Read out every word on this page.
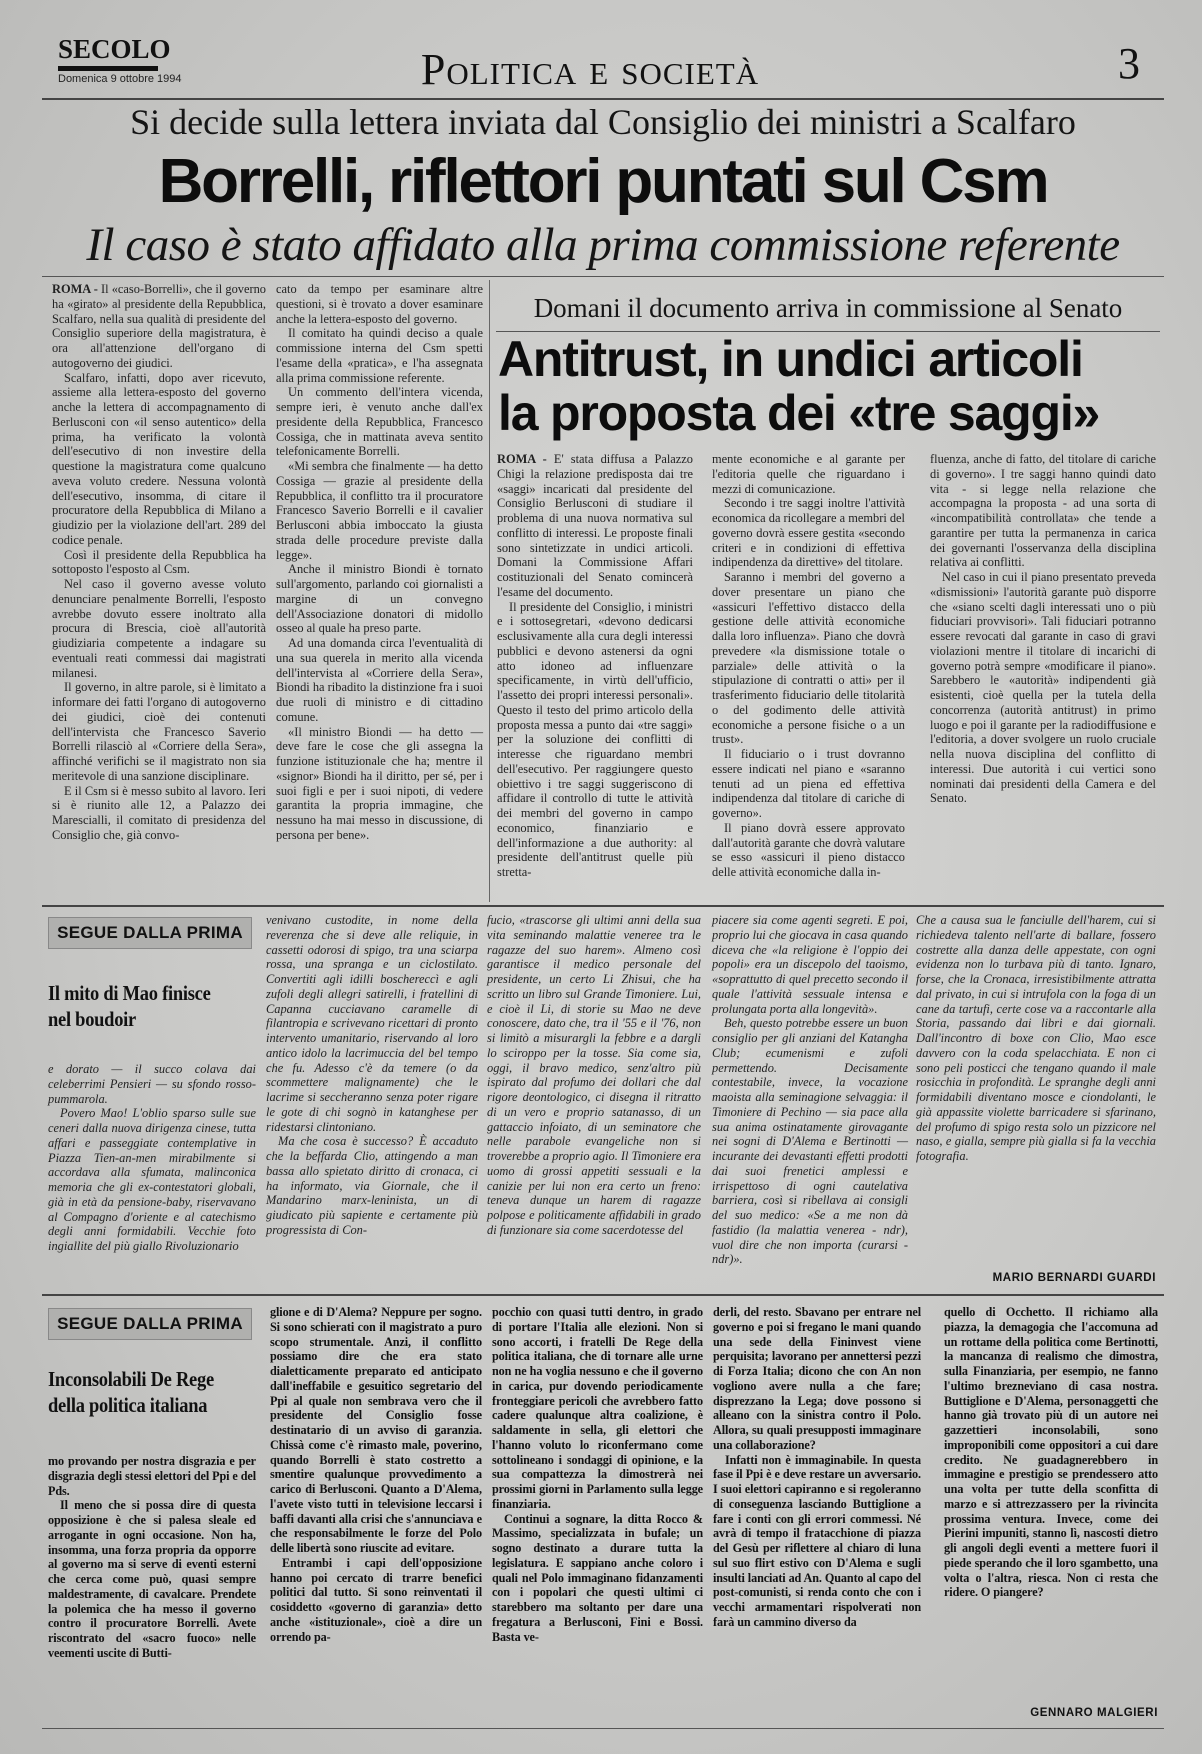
SECOLO
Domenica 9 ottobre 1994	Politica e società	3
Si decide sulla lettera inviata dal Consiglio dei ministri a Scalfaro
Borrelli, riflettori puntati sul Csm
Il caso è stato affidato alla prima commissione referente

ROMA - Il «caso-Borrelli», che il governo ha «girato» al presidente della Repubblica, Scalfaro, nella sua qualità di presidente del Consiglio superiore della magistratura, è ora all'attenzione dell'organo di autogoverno dei giudici.

Scalfaro, infatti, dopo aver ricevuto, assieme alla lettera-esposto del governo anche la lettera di accompagnamento di Berlusconi con «il senso autentico» della prima, ha verificato la volontà dell'esecutivo di non investire della questione la magistratura come qualcuno aveva voluto credere. Nessuna volontà dell'esecutivo, insomma, di citare il procuratore della Repubblica di Milano a giudizio per la violazione dell'art. 289 del codice penale.

Così il presidente della Repubblica ha sottoposto l'esposto al Csm.

Nel caso il governo avesse voluto denunciare penalmente Borrelli, l'esposto avrebbe dovuto essere inoltrato alla procura di Brescia, cioè all'autorità giudiziaria competente a indagare su eventuali reati commessi dai magistrati milanesi.

Il governo, in altre parole, si è limitato a informare dei fatti l'organo di autogoverno dei giudici, cioè dei contenuti dell'intervista che Francesco Saverio Borrelli rilasciò al «Corriere della Sera», affinché verifichi se il magistrato non sia meritevole di una sanzione disciplinare.

E il Csm si è messo subito al lavoro. Ieri si è riunito alle 12, a Palazzo dei Marescialli, il comitato di presidenza del Consiglio che, già convo-

cato da tempo per esaminare altre questioni, si è trovato a dover esaminare anche la lettera-esposto del governo.

Il comitato ha quindi deciso a quale commissione interna del Csm spetti l'esame della «pratica», e l'ha assegnata alla prima commissione referente.

Un commento dell'intera vicenda, sempre ieri, è venuto anche dall'ex presidente della Repubblica, Francesco Cossiga, che in mattinata aveva sentito telefonicamente Borrelli.

«Mi sembra che finalmente — ha detto Cossiga — grazie al presidente della Repubblica, il conflitto tra il procuratore Francesco Saverio Borrelli e il cavalier Berlusconi abbia imboccato la giusta strada delle procedure previste dalla legge».

Anche il ministro Biondi è tornato sull'argomento, parlando coi giornalisti a margine di un convegno dell'Associazione donatori di midollo osseo al quale ha preso parte.

Ad una domanda circa l'eventualità di una sua querela in merito alla vicenda dell'intervista al «Corriere della Sera», Biondi ha ribadito la distinzione fra i suoi due ruoli di ministro e di cittadino comune.

«Il ministro Biondi — ha detto — deve fare le cose che gli assegna la funzione istituzionale che ha; mentre il «signor» Biondi ha il diritto, per sé, per i suoi figli e per i suoi nipoti, di vedere garantita la propria immagine, che nessuno ha mai messo in discussione, di persona per bene».

Domani il documento arriva in commissione al Senato
Antitrust, in undici articoli
la proposta dei «tre saggi»

ROMA - E' stata diffusa a Palazzo Chigi la relazione predisposta dai tre «saggi» incaricati dal presidente del Consiglio Berlusconi di studiare il problema di una nuova normativa sul conflitto di interessi. Le proposte finali sono sintetizzate in undici articoli. Domani la Commissione Affari costituzionali del Senato comincerà l'esame del documento.

Il presidente del Consiglio, i ministri e i sottosegretari, «devono dedicarsi esclusivamente alla cura degli interessi pubblici e devono astenersi da ogni atto idoneo ad influenzare specificamente, in virtù dell'ufficio, l'assetto dei propri interessi personali». Questo il testo del primo articolo della proposta messa a punto dai «tre saggi» per la soluzione dei conflitti di interesse che riguardano membri dell'esecutivo. Per raggiungere questo obiettivo i tre saggi suggeriscono di affidare il controllo di tutte le attività dei membri del governo in campo economico, finanziario e dell'informazione a due authority: al presidente dell'antitrust quelle più stretta-

mente economiche e al garante per l'editoria quelle che riguardano i mezzi di comunicazione.

Secondo i tre saggi inoltre l'attività economica da ricollegare a membri del governo dovrà essere gestita «secondo criteri e in condizioni di effettiva indipendenza da direttive» del titolare.

Saranno i membri del governo a dover presentare un piano che «assicuri l'effettivo distacco della gestione delle attività economiche dalla loro influenza». Piano che dovrà prevedere «la dismissione totale o parziale» delle attività o la stipulazione di contratti o atti» per il trasferimento fiduciario delle titolarità o del godimento delle attività economiche a persone fisiche o a un trust».

Il fiduciario o i trust dovranno essere indicati nel piano e «saranno tenuti ad un piena ed effettiva indipendenza dal titolare di cariche di governo».

Il piano dovrà essere approvato dall'autorità garante che dovrà valutare se esso «assicuri il pieno distacco delle attività economiche dalla in-

fluenza, anche di fatto, del titolare di cariche di governo». I tre saggi hanno quindi dato vita - si legge nella relazione che accompagna la proposta - ad una sorta di «incompatibilità controllata» che tende a garantire per tutta la permanenza in carica dei governanti l'osservanza della disciplina relativa ai conflitti.

Nel caso in cui il piano presentato preveda «dismissioni» l'autorità garante può disporre che «siano scelti dagli interessati uno o più fiduciari provvisori». Tali fiduciari potranno essere revocati dal garante in caso di gravi violazioni mentre il titolare di incarichi di governo potrà sempre «modificare il piano». Sarebbero le «autorità» indipendenti già esistenti, cioè quella per la tutela della concorrenza (autorità antitrust) in primo luogo e poi il garante per la radiodiffusione e l'editoria, a dover svolgere un ruolo cruciale nella nuova disciplina del conflitto di interessi. Due autorità i cui vertici sono nominati dai presidenti della Camera e del Senato.

SEGUE DALLA PRIMA
Il mito di Mao finisce nel boudoir

e dorato — il succo colava dai celeberrimi Pensieri — su sfondo rosso-pummarola.

Povero Mao! L'oblio sparso sulle sue ceneri dalla nuova dirigenza cinese, tutta affari e passeggiate contemplative in Piazza Tien-an-men mirabilmente si accordava alla sfumata, malinconica memoria che gli ex-contestatori globali, già in età da pensione-baby, riservavano al Compagno d'oriente e al catechismo degli anni formidabili. Vecchie foto ingiallite del più giallo Rivoluzionario

venivano custodite, in nome della reverenza che si deve alle reliquie, in cassetti odorosi di spigo, tra una sciarpa rossa, una spranga e un ciclostilato. Convertiti agli idilli boschereccì e agli zufoli degli allegri satirelli, i fratellini di Capanna cucciavano caramelle di filantropia e scrivevano ricettari di pronto intervento umanitario, riservando al loro antico idolo la lacrimuccia del bel tempo che fu. Adesso c'è da temere (o da scommettere malignamente) che le lacrime si seccheranno senza poter rigare le gote di chi sognò in katanghese per ridestarsi clintoniano.

Ma che cosa è successo? È accaduto che la beffarda Clio, attingendo a man bassa allo spietato diritto di cronaca, ci ha informato, via Giornale, che il Mandarino marx-leninista, un di giudicato più sapiente e certamente più progressista di Con-

fucio, «trascorse gli ultimi anni della sua vita seminando malattie veneree tra le ragazze del suo harem». Almeno così garantisce il medico personale del presidente, un certo Li Zhisui, che ha scritto un libro sul Grande Timoniere. Lui, e cioè il Li, di storie su Mao ne deve conoscere, dato che, tra il '55 e il '76, non si limitò a misurargli la febbre e a dargli lo sciroppo per la tosse. Sia come sia, oggi, il bravo medico, senz'altro più ispirato dal profumo dei dollari che dal rigore deontologico, ci disegna il ritratto di un vero e proprio satanasso, di un gattaccio infoiato, di un seminatore che nelle parabole evangeliche non si troverebbe a proprio agio. Il Timoniere era uomo di grossi appetiti sessuali e la canizie per lui non era certo un freno: teneva dunque un harem di ragazze polpose e politicamente affidabili in grado di funzionare sia come sacerdotesse del

piacere sia come agenti segreti. E poi, proprio lui che giocava in casa quando diceva che «la religione è l'oppio dei popoli» era un discepolo del taoismo, «soprattutto di quel precetto secondo il quale l'attività sessuale intensa e prolungata porta alla longevità».

Beh, questo potrebbe essere un buon consiglio per gli anziani del Katangha Club; ecumenismi e zufoli permettendo. Decisamente contestabile, invece, la vocazione maoista alla seminagione selvaggia: il Timoniere di Pechino — sia pace alla sua anima ostinatamente girovagante nei sogni di D'Alema e Bertinotti — incurante dei devastanti effetti prodotti dai suoi frenetici amplessi e irrispettoso di ogni cautelativa barriera, così si ribellava ai consigli del suo medico: «Se a me non dà fastidio (la malattia venerea - ndr), vuol dire che non importa (curarsi - ndr)».

Che a causa sua le fanciulle dell'harem, cui si richiedeva talento nell'arte di ballare, fossero costrette alla danza delle appestate, con ogni evidenza non lo turbava più di tanto. Ignaro, forse, che la Cronaca, irresistibilmente attratta dal privato, in cui si intrufola con la foga di un cane da tartufi, certe cose va a raccontarle alla Storia, passando dai libri e dai giornali. Dall'incontro di boxe con Clio, Mao esce davvero con la coda spelacchiata. E non ci sono peli posticci che tengano quando il male rosicchia in profondità. Le spranghe degli anni formidabili diventano mosce e ciondolanti, le già appassite violette barricadere si sfarinano, del profumo di spigo resta solo un pizzicore nel naso, e gialla, sempre più gialla si fa la vecchia fotografia.

MARIO BERNARDI GUARDI
SEGUE DALLA PRIMA
Inconsolabili De Rege della politica italiana

mo provando per nostra disgrazia e per disgrazia degli stessi elettori del Ppi e del Pds.

Il meno che si possa dire di questa opposizione è che si palesa sleale ed arrogante in ogni occasione. Non ha, insomma, una forza propria da opporre al governo ma si serve di eventi esterni che cerca come può, quasi sempre maldestramente, di cavalcare. Prendete la polemica che ha messo il governo contro il procuratore Borrelli. Avete riscontrato del «sacro fuoco» nelle veementi uscite di Butti-

glione e di D'Alema? Neppure per sogno. Si sono schierati con il magistrato a puro scopo strumentale. Anzi, il conflitto possiamo dire che era stato dialetticamente preparato ed anticipato dall'ineffabile e gesuitico segretario del Ppi al quale non sembrava vero che il presidente del Consiglio fosse destinatario di un avviso di garanzia. Chissà come c'è rimasto male, poverino, quando Borrelli è stato costretto a smentire qualunque provvedimento a carico di Berlusconi. Quanto a D'Alema, l'avete visto tutti in televisione leccarsi i baffi davanti alla crisi che s'annunciava e che responsabilmente le forze del Polo delle libertà sono riuscite ad evitare.

Entrambi i capi dell'opposizione hanno poi cercato di trarre benefici politici dal tutto. Si sono reinventati il cosiddetto «governo di garanzia» detto anche «istituzionale», cioè a dire un orrendo pa-

pocchio con quasi tutti dentro, in grado di portare l'Italia alle elezioni. Non si sono accorti, i fratelli De Rege della politica italiana, che di tornare alle urne non ne ha voglia nessuno e che il governo in carica, pur dovendo periodicamente fronteggiare pericoli che avrebbero fatto cadere qualunque altra coalizione, è saldamente in sella, gli elettori che l'hanno voluto lo riconfermano come sottolineano i sondaggi di opinione, e la sua compattezza la dimostrerà nei prossimi giorni in Parlamento sulla legge finanziaria.

Continui a sognare, la ditta Rocco & Massimo, specializzata in bufale; un sogno destinato a durare tutta la legislatura. E sappiano anche coloro i quali nel Polo immaginano fidanzamenti con i popolari che questi ultimi ci starebbero ma soltanto per dare una fregatura a Berlusconi, Fini e Bossi. Basta ve-

derli, del resto. Sbavano per entrare nel governo e poi si fregano le mani quando una sede della Fininvest viene perquisita; lavorano per annettersi pezzi di Forza Italia; dicono che con An non vogliono avere nulla a che fare; disprezzano la Lega; dove possono si alleano con la sinistra contro il Polo. Allora, su quali presupposti immaginare una collaborazione?

Infatti non è immaginabile. In questa fase il Ppi è e deve restare un avversario. I suoi elettori capiranno e si regoleranno di conseguenza lasciando Buttiglione a fare i conti con gli errori commessi. Né avrà di tempo il fratacchione di piazza del Gesù per riflettere al chiaro di luna sul suo flirt estivo con D'Alema e sugli insulti lanciati ad An. Quanto al capo del post-comunisti, si renda conto che con i vecchi armamentari rispolverati non farà un cammino diverso da

quello di Occhetto. Il richiamo alla piazza, la demagogia che l'accomuna ad un rottame della politica come Bertinotti, la mancanza di realismo che dimostra, sulla Finanziaria, per esempio, ne fanno l'ultimo brezneviano di casa nostra. Buttiglione e D'Alema, personaggetti che hanno già trovato più di un autore nei gazzettieri inconsolabili, sono improponibili come oppositori a cui dare credito. Ne guadagnerebbero in immagine e prestigio se prendessero atto una volta per tutte della sconfitta di marzo e si attrezzassero per la rivincita prossima ventura. Invece, come dei Pierini impuniti, stanno lì, nascosti dietro gli angoli degli eventi a mettere fuori il piede sperando che il loro sgambetto, una volta o l'altra, riesca. Non ci resta che ridere. O piangere?

GENNARO MALGIERI
